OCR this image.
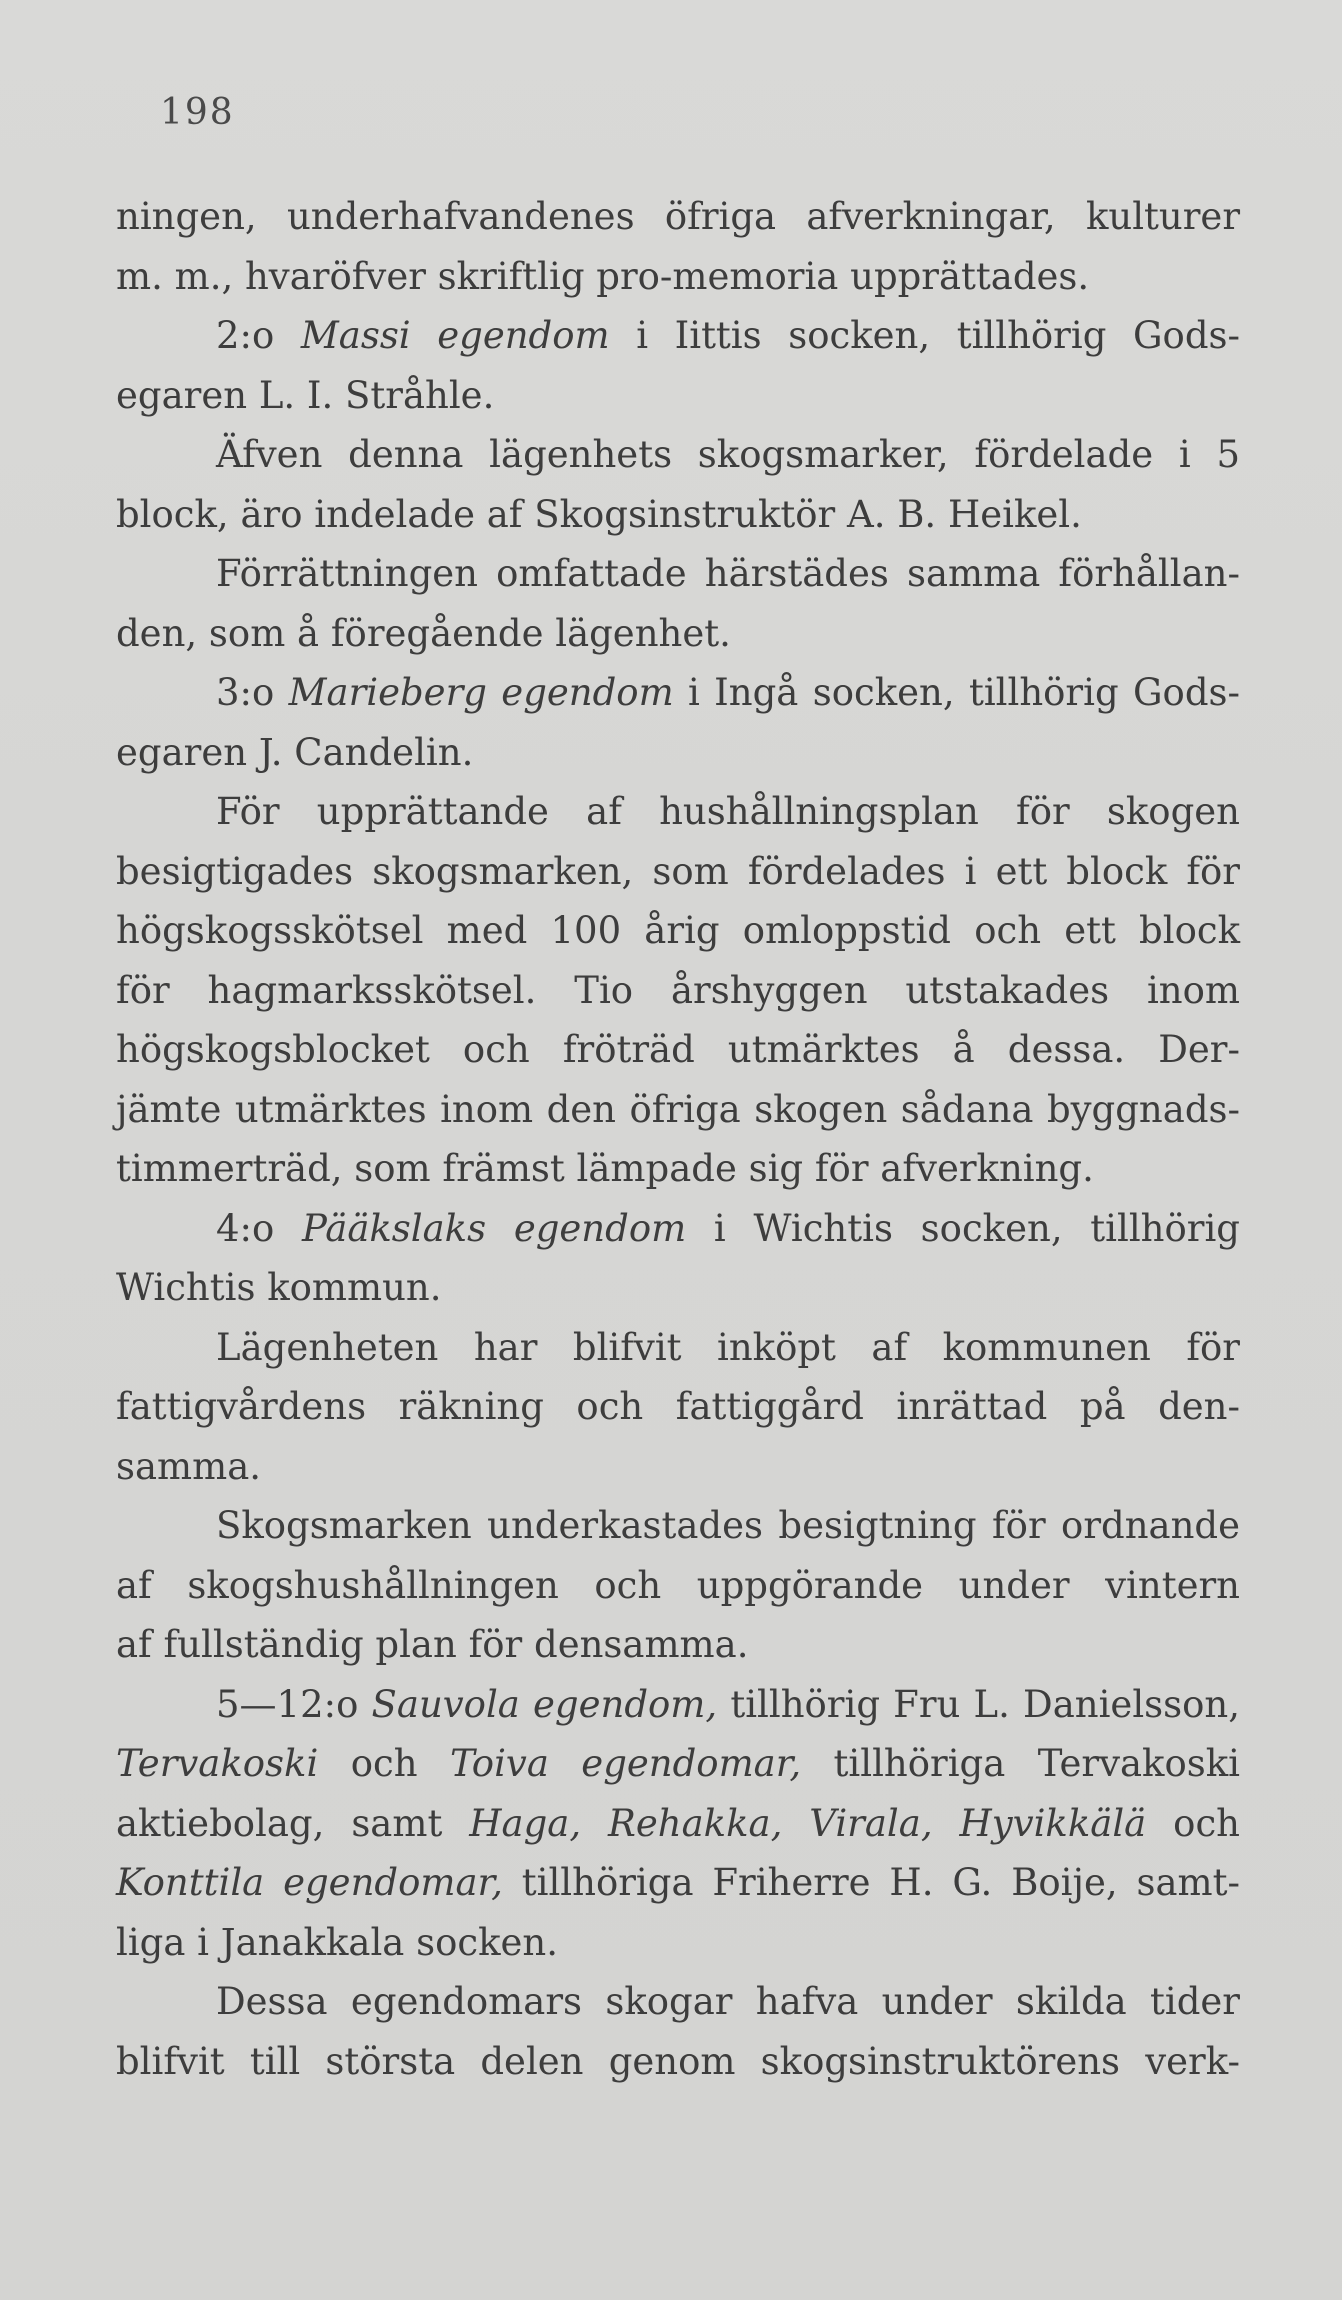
198
ningen, underhafvandenes öfriga afverkningar, kulturer
m. m., hvaröfver skriftlig pro-memoria upprättades.
2:o Massi egendom i Iittis socken, tillhörig Gods-
egaren L. I. Stråhle.
Äfven denna lägenhets skogsmarker, fördelade i 5
block, äro indelade af Skogsinstruktör A. B. Heikel.
Förrättningen omfattade härstädes samma förhållan-
den, som å föregående lägenhet.
3:o Marieberg egendom i Ingå socken, tillhörig Gods-
egaren J. Candelin.
För upprättande af hushållningsplan för skogen
besigtigades skogsmarken, som fördelades i ett block för
högskogsskötsel med 100 årig omloppstid och ett block
för hagmarksskötsel. Tio årshyggen utstakades inom
högskogsblocket och fröträd utmärktes å dessa. Der-
jämte utmärktes inom den öfriga skogen sådana byggnads-
timmerträd, som främst lämpade sig för afverkning.
4:o Pääkslaks egendom i Wichtis socken, tillhörig
Wichtis kommun.
Lägenheten har blifvit inköpt af kommunen för
fattigvårdens räkning och fattiggård inrättad på den-
samma.
Skogsmarken underkastades besigtning för ordnande
af skogshushållningen och uppgörande under vintern
af fullständig plan för densamma.
5—12:o Sauvola egendom, tillhörig Fru L. Danielsson,
Tervakoski och Toiva egendomar, tillhöriga Tervakoski
aktiebolag, samt Haga, Rehakka, Virala, Hyvikkälä och
Konttila egendomar, tillhöriga Friherre H. G. Boije, samt-
liga i Janakkala socken.
Dessa egendomars skogar hafva under skilda tider
blifvit till största delen genom skogsinstruktörens verk-
